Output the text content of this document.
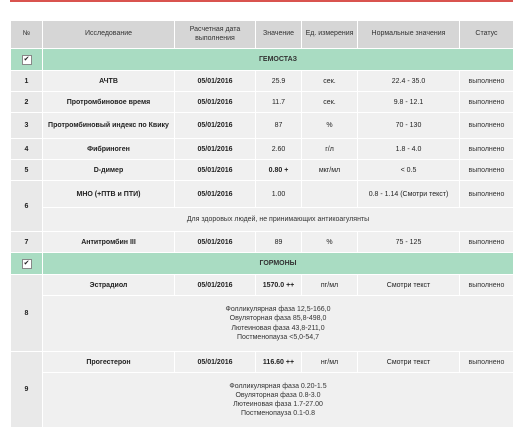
№	Исследование	Расчетная дата выполнения	Значение	Ед. измерения	Нормальные значения	Статус
✔	ГЕМОСТАЗ					
1	АЧТВ	05/01/2016	25.9	сек.	22.4 - 35.0	выполнено
2	Протромбиновое время	05/01/2016	11.7	сек.	9.8 - 12.1	выполнено
3	Протромбиновый индекс по Квику	05/01/2016	87	%	70 - 130	выполнено
4	Фибриноген	05/01/2016	2.60	г/л	1.8 - 4.0	выполнено
5	D-димер	05/01/2016	0.80 +	мкг/мл	< 0.5	выполнено
6	МНО (+ПТВ и ПТИ)	05/01/2016	1.00		0.8 - 1.14 (Смотри текст)	выполнено
	Для здоровых людей, не принимающих антикоагулянты					
7	Антитромбин III	05/01/2016	89	%	75 - 125	выполнено
✔	ГОРМОНЫ					
8	Эстрадиол	05/01/2016	1570.0 ++	пг/мл	Смотри текст	выполнено

	Фолликулярная фаза 12,5-166,0
Овуляторная фаза 85,8-498,0
Лютеиновая фаза 43,8-211,0
Постменопауза <5,0-54,7					

9	Прогестерон	05/01/2016	116.60 ++	нг/мл	Смотри текст	выполнено

	Фолликулярная фаза 0.20-1.5
Овуляторная фаза 0.8-3.0
Лютеиновая фаза 1.7-27.00
Постменопаузa 0.1-0.8					
